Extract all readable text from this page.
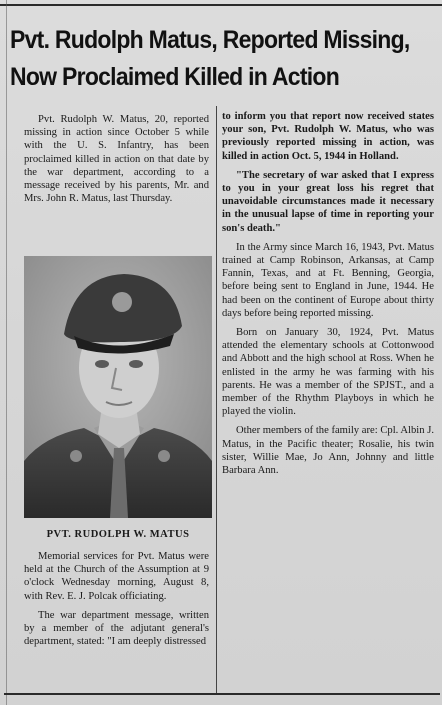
Pvt. Rudolph Matus, Reported Missing,
Now Proclaimed Killed in Action

Pvt. Rudolph W. Matus, 20, reported missing in action since October 5 while with the U. S. Infantry, has been proclaimed killed in action on that date by the war department, according to a message received by his parents, Mr. and Mrs. John R. Matus, last Thursday.

PVT. RUDOLPH W. MATUS

Memorial services for Pvt. Matus were held at the Church of the Assumption at 9 o'clock Wednesday morning, August 8, with Rev. E. J. Polcak officiating.

The war department message, written by a member of the adjutant general's department, stated: "I am deeply distressed

to inform you that report now received states your son, Pvt. Rudolph W. Matus, who was previously reported missing in action, was killed in action Oct. 5, 1944 in Holland.

"The secretary of war asked that I express to you in your great loss his regret that unavoidable circumstances made it necessary in the unusual lapse of time in reporting your son's death."

In the Army since March 16, 1943, Pvt. Matus trained at Camp Robinson, Arkansas, at Camp Fannin, Texas, and at Ft. Benning, Georgia, before being sent to England in June, 1944. He had been on the continent of Europe about thirty days before being reported missing.

Born on January 30, 1924, Pvt. Matus attended the elementary schools at Cottonwood and Abbott and the high school at Ross. When he enlisted in the army he was farming with his parents. He was a member of the SPJST., and a member of the Rhythm Playboys in which he played the violin.

Other members of the family are: Cpl. Albin J. Matus, in the Pacific theater; Rosalie, his twin sister, Willie Mae, Jo Ann, Johnny and little Barbara Ann.
